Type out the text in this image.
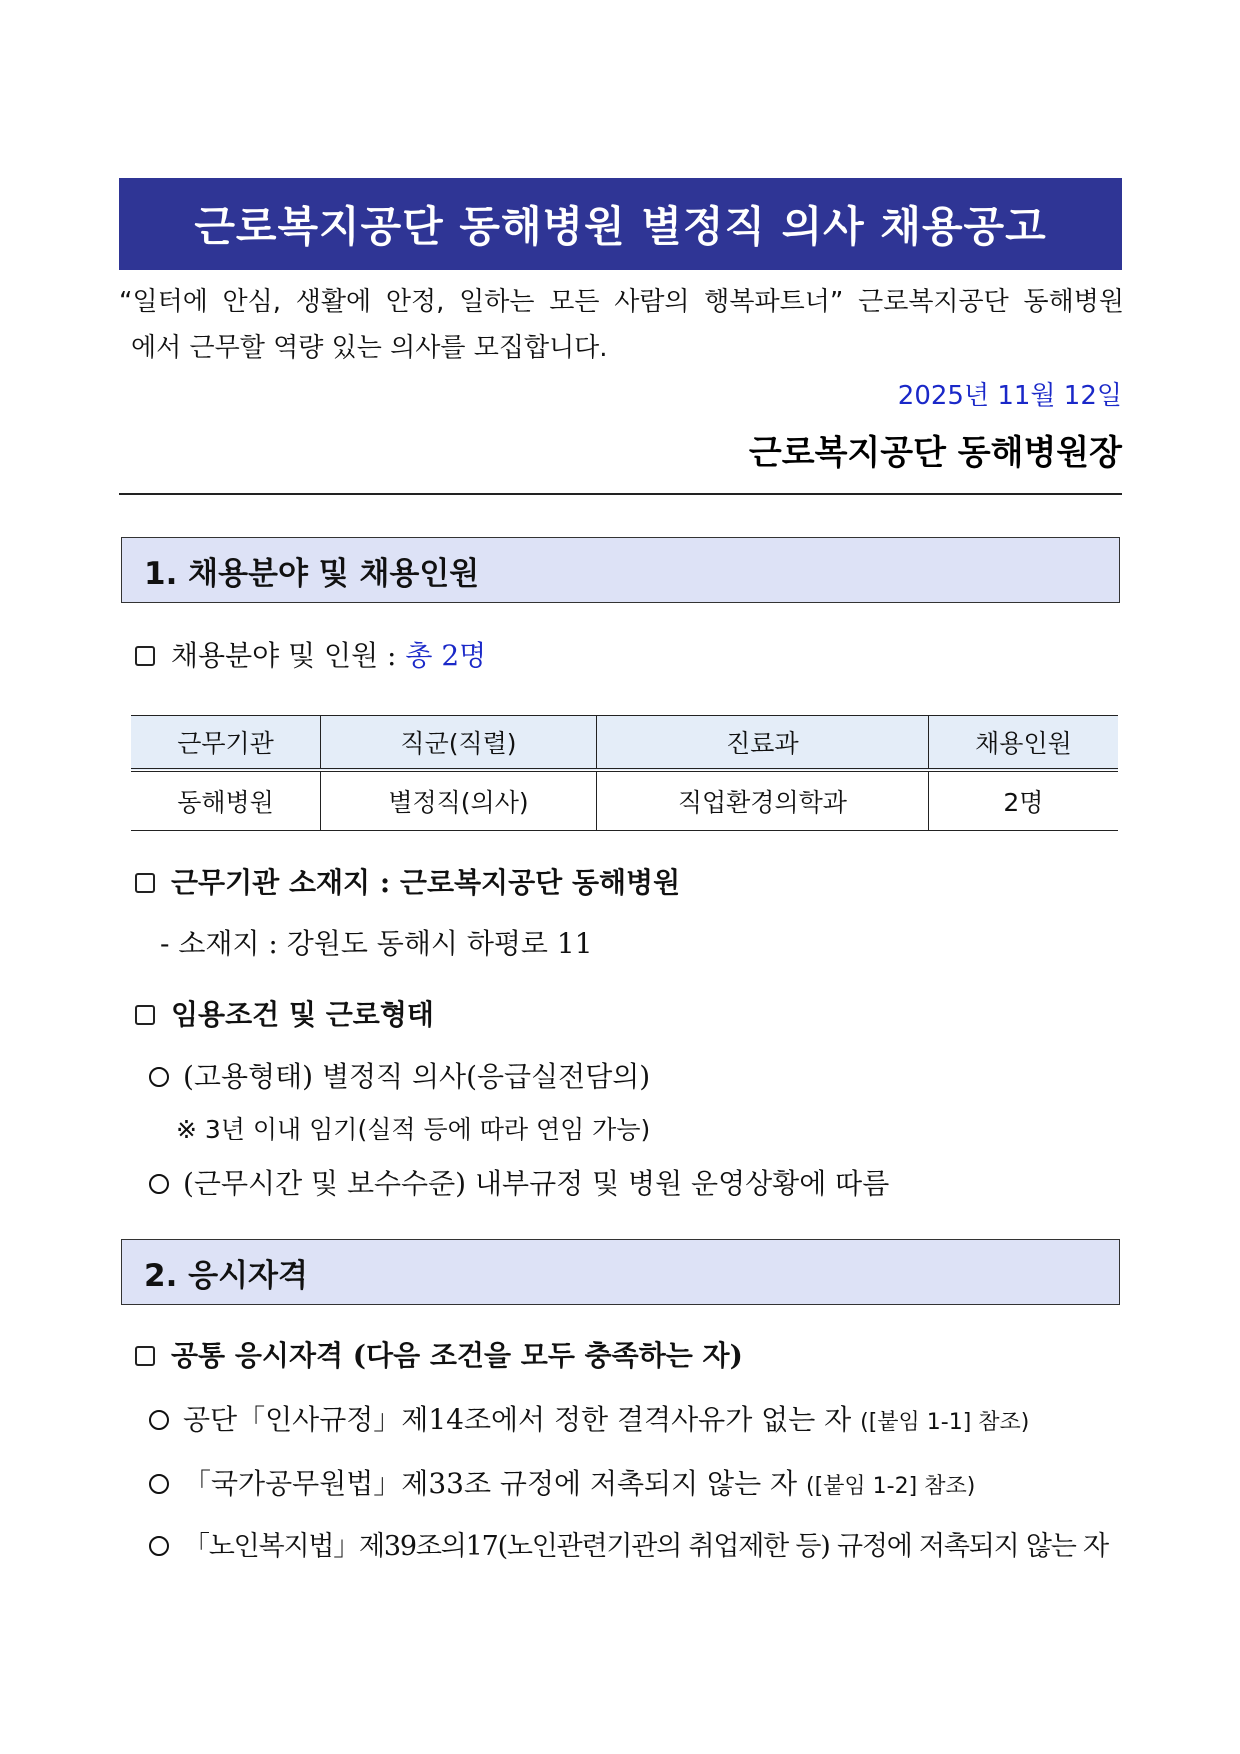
근로복지공단 동해병원 별정직 의사 채용공고
“일터에 안심, 생활에 안정, 일하는 모든 사람의 행복파트너” 근로복지공단 동해병원
에서 근무할 역량 있는 의사를 모집합니다.
2025년 11월 12일
근로복지공단 동해병원장
1. 채용분야 및 채용인원
채용분야 및 인원 : 총 2명
근무기관	직군(직렬)	진료과	채용인원
동해병원	별정직(의사)	직업환경의학과	2명
근무기관 소재지 : 근로복지공단 동해병원
- 소재지 : 강원도 동해시 하평로 11
임용조건 및 근로형태
(고용형태) 별정직 의사(응급실전담의)
※ 3년 이내 임기(실적 등에 따라 연임 가능)
(근무시간 및 보수수준) 내부규정 및 병원 운영상황에 따름
2. 응시자격
공통 응시자격 (다음 조건을 모두 충족하는 자)
공단「인사규정」제14조에서 정한 결격사유가 없는 자 ([붙임 1-1] 참조)
「국가공무원법」제33조 규정에 저촉되지 않는 자 ([붙임 1-2] 참조)
「노인복지법」제39조의17(노인관련기관의 취업제한 등) 규정에 저촉되지 않는 자
